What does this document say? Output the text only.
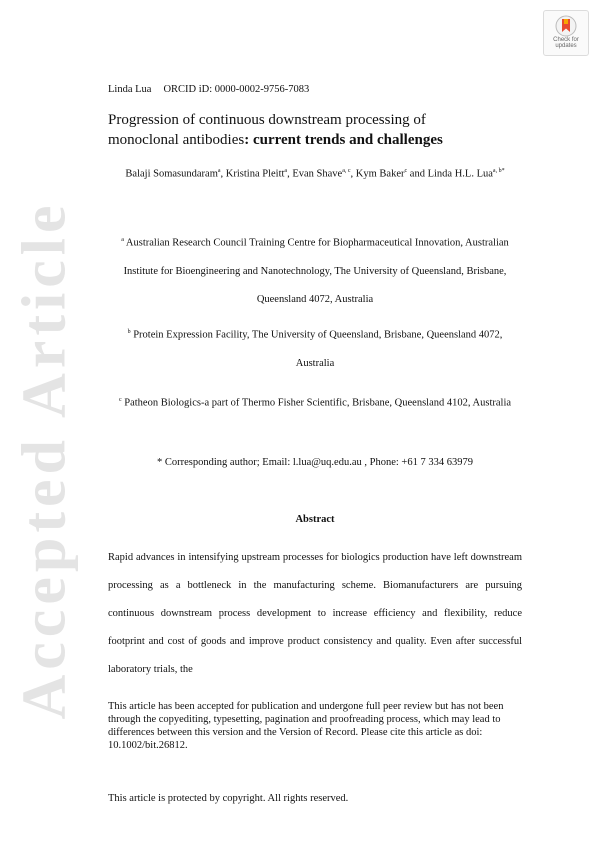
Accepted Article
Check for
updates
Linda Lua ORCID iD: 0000-0002-9756-7083
Progression of continuous downstream processing of
monoclonal antibodies: current trends and challenges
Balaji Somasundaram$^a$, Kristina Pleitt$^a$, Evan Shave$^{a, c}$, Kym Baker$^c$ and Linda H.L. Lua$^{a, b*}$
$^a$ Australian Research Council Training Centre for Biopharmaceutical Innovation, Australian Institute for Bioengineering and Nanotechnology, The University of Queensland, Brisbane, Queensland 4072, Australia
$^b$ Protein Expression Facility, The University of Queensland, Brisbane, Queensland 4072, Australia
$^c$ Patheon Biologics-a part of Thermo Fisher Scientific, Brisbane, Queensland 4102, Australia
* Corresponding author; Email: l.lua@uq.edu.au , Phone: +61 7 334 63979
Abstract
Rapid advances in intensifying upstream processes for biologics production have left downstream processing as a bottleneck in the manufacturing scheme. Biomanufacturers are pursuing continuous downstream process development to increase efficiency and flexibility, reduce footprint and cost of goods and improve product consistency and quality. Even after successful laboratory trials, the
This article has been accepted for publication and undergone full peer review but has not been through the copyediting, typesetting, pagination and proofreading process, which may lead to differences between this version and the Version of Record. Please cite this article as doi: 10.1002/bit.26812.
This article is protected by copyright. All rights reserved.
